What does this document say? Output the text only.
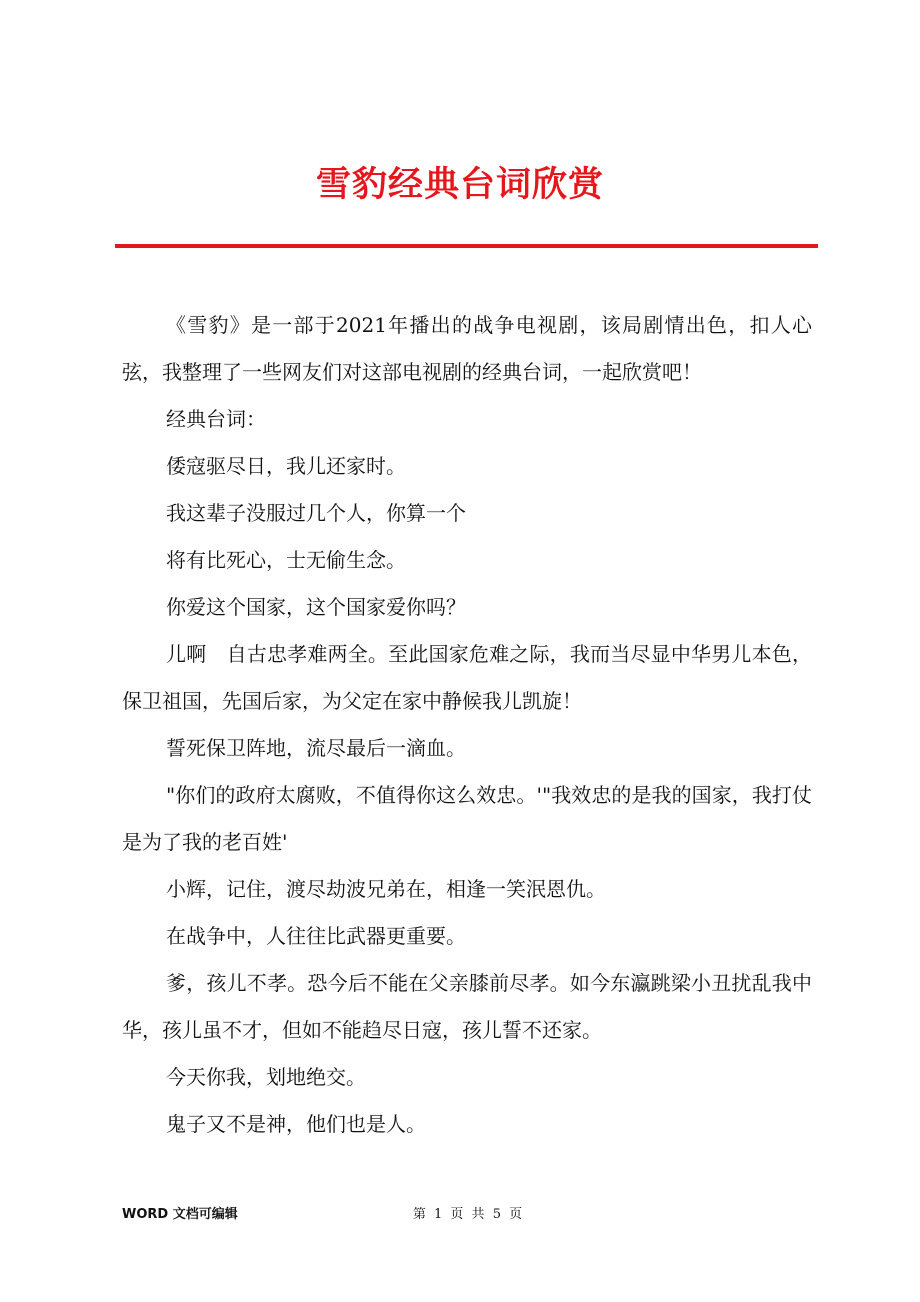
雪豹经典台词欣赏

《雪豹》是一部于2021年播出的战争电视剧，该局剧情出色，扣人心弦，我整理了一些网友们对这部电视剧的经典台词，一起欣赏吧！

经典台词：

倭寇驱尽日，我儿还家时。

我这辈子没服过几个人，你算一个

将有比死心，士无偷生念。

你爱这个国家，这个国家爱你吗？

儿啊　自古忠孝难两全。至此国家危难之际，我而当尽显中华男儿本色，保卫祖国，先国后家，为父定在家中静候我儿凯旋！

誓死保卫阵地，流尽最后一滴血。

"你们的政府太腐败，不值得你这么效忠。'"我效忠的是我的国家，我打仗是为了我的老百姓'

小辉，记住，渡尽劫波兄弟在，相逢一笑泯恩仇。

在战争中，人往往比武器更重要。

爹，孩儿不孝。恐今后不能在父亲膝前尽孝。如今东瀛跳梁小丑扰乱我中华，孩儿虽不才，但如不能趋尽日寇，孩儿誓不还家。

今天你我，划地绝交。

鬼子又不是神，他们也是人。

WORD 文档可编辑	第 1 页 共 5 页
